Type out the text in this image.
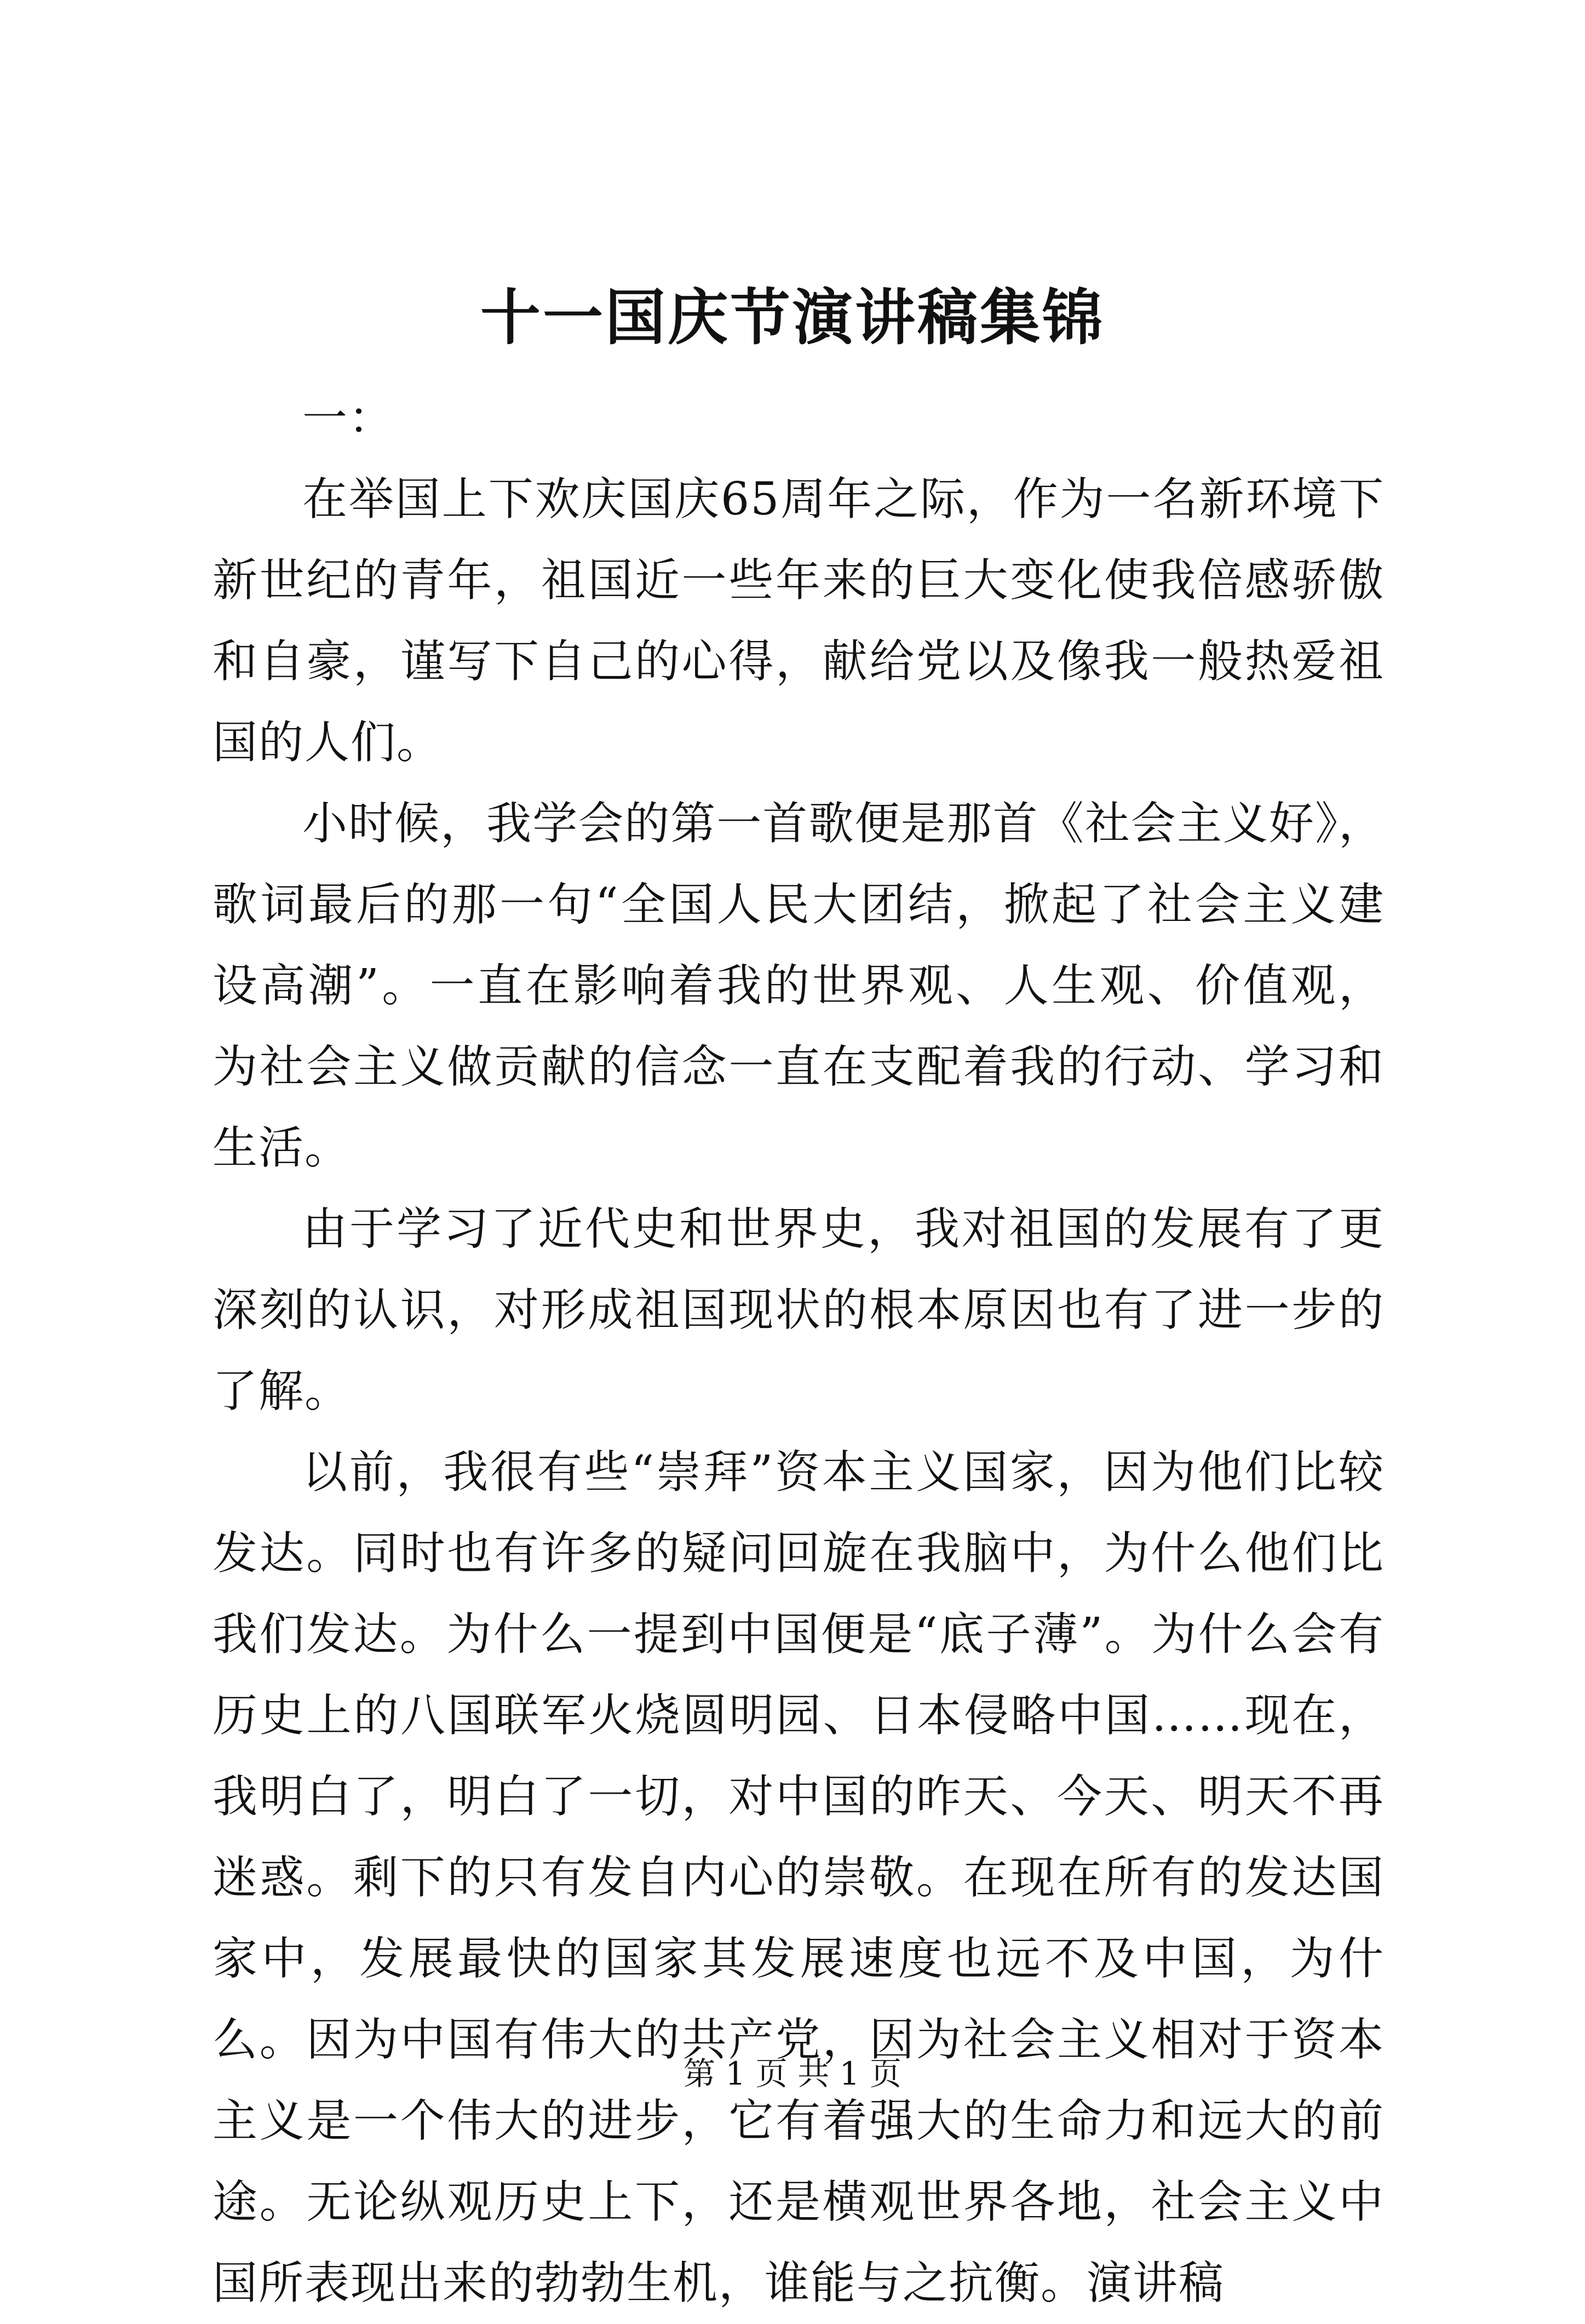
十一国庆节演讲稿集锦

一：

在举国上下欢庆国庆65周年之际，作为一名新环境下新世纪的青年，祖国近一些年来的巨大变化使我倍感骄傲和自豪，谨写下自己的心得，献给党以及像我一般热爱祖国的人们。

小时候，我学会的第一首歌便是那首《社会主义好》，歌词最后的那一句“全国人民大团结，掀起了社会主义建设高潮”。一直在影响着我的世界观、人生观、价值观，为社会主义做贡献的信念一直在支配着我的行动、学习和生活。

由于学习了近代史和世界史，我对祖国的发展有了更深刻的认识，对形成祖国现状的根本原因也有了进一步的了解。

以前，我很有些“崇拜”资本主义国家，因为他们比较发达。同时也有许多的疑问回旋在我脑中，为什么他们比我们发达。为什么一提到中国便是“底子薄”。为什么会有历史上的八国联军火烧圆明园、日本侵略中国……现在，我明白了，明白了一切，对中国的昨天、今天、明天不再迷惑。剩下的只有发自内心的崇敬。在现在所有的发达国家中，发展最快的国家其发展速度也远不及中国，为什么。因为中国有伟大的共产党，因为社会主义相对于资本主义是一个伟大的进步，它有着强大的生命力和远大的前途。无论纵观历史上下，还是横观世界各地，社会主义中国所表现出来的勃勃生机，谁能与之抗衡。演讲稿

第 1 页 共 1 页
